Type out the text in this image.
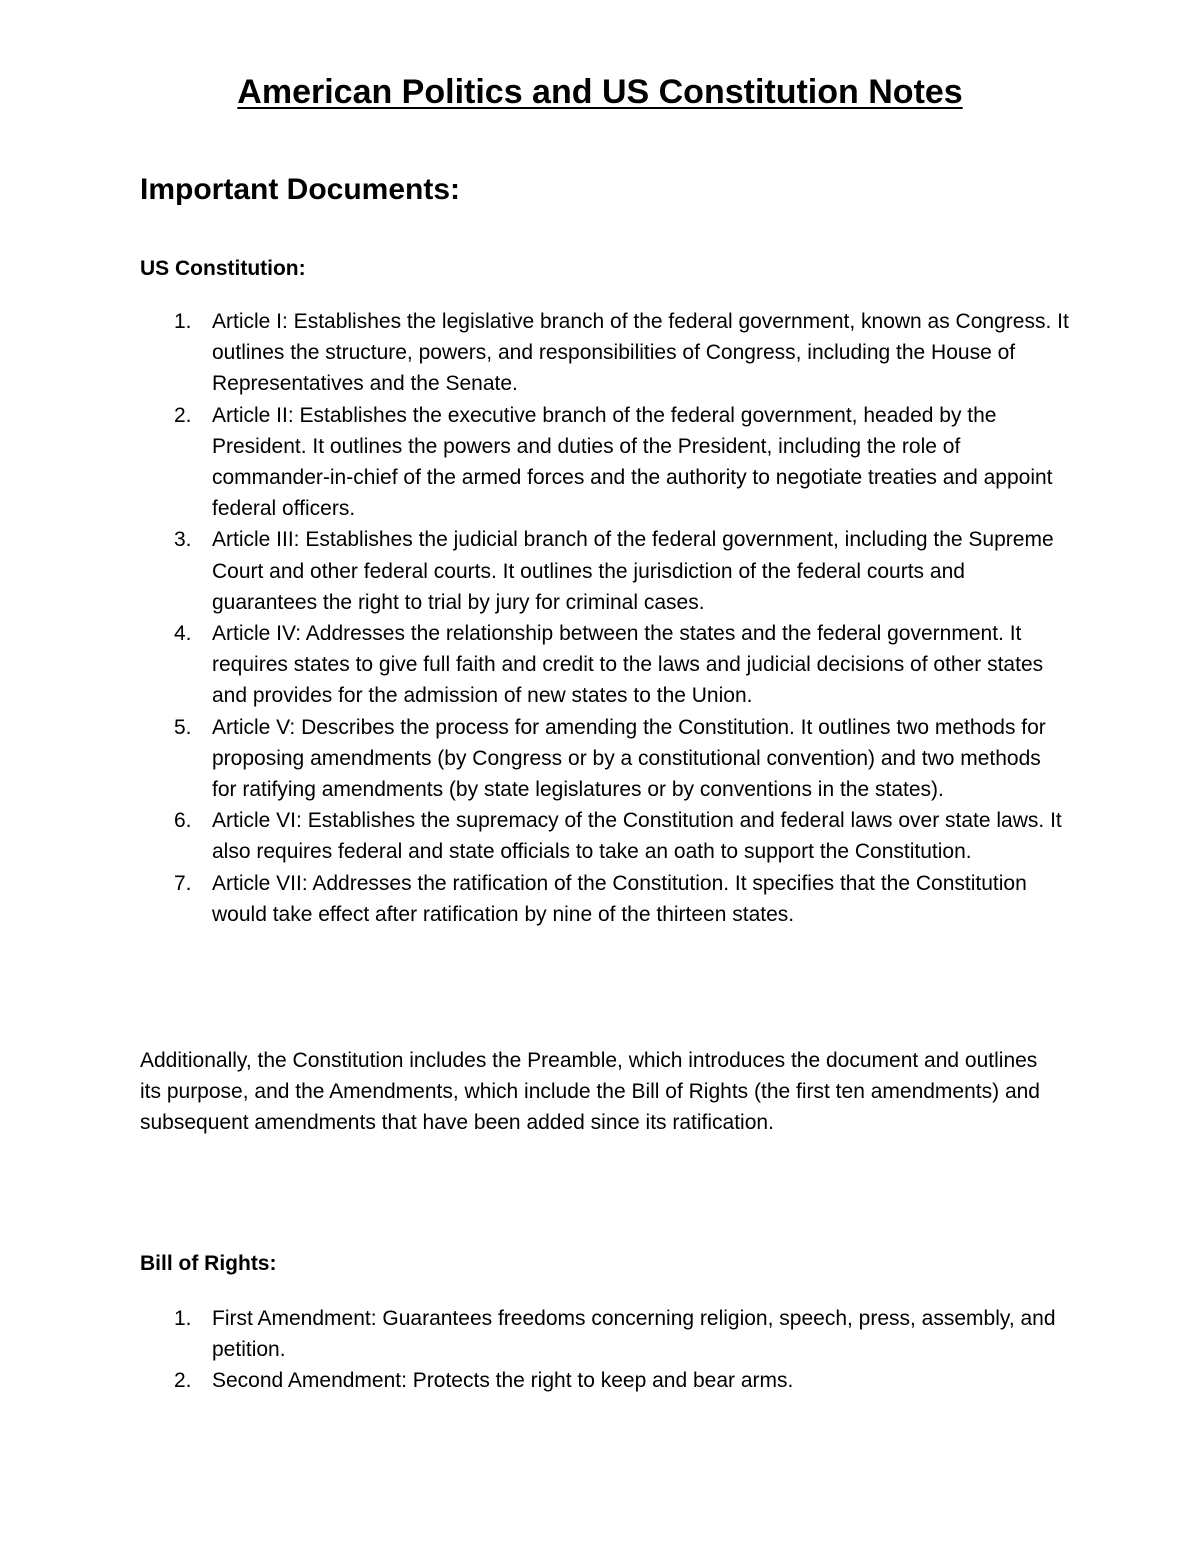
American Politics and US Constitution Notes
Important Documents:
US Constitution:
1. Article I: Establishes the legislative branch of the federal government, known as Congress. It outlines the structure, powers, and responsibilities of Congress, including the House of Representatives and the Senate.
2. Article II: Establishes the executive branch of the federal government, headed by the President. It outlines the powers and duties of the President, including the role of commander-in-chief of the armed forces and the authority to negotiate treaties and appoint federal officers.
3. Article III: Establishes the judicial branch of the federal government, including the Supreme Court and other federal courts. It outlines the jurisdiction of the federal courts and guarantees the right to trial by jury for criminal cases.
4. Article IV: Addresses the relationship between the states and the federal government. It requires states to give full faith and credit to the laws and judicial decisions of other states and provides for the admission of new states to the Union.
5. Article V: Describes the process for amending the Constitution. It outlines two methods for proposing amendments (by Congress or by a constitutional convention) and two methods for ratifying amendments (by state legislatures or by conventions in the states).
6. Article VI: Establishes the supremacy of the Constitution and federal laws over state laws. It also requires federal and state officials to take an oath to support the Constitution.
7. Article VII: Addresses the ratification of the Constitution. It specifies that the Constitution would take effect after ratification by nine of the thirteen states.

Additionally, the Constitution includes the Preamble, which introduces the document and outlines its purpose, and the Amendments, which include the Bill of Rights (the first ten amendments) and subsequent amendments that have been added since its ratification.

Bill of Rights:
1. First Amendment: Guarantees freedoms concerning religion, speech, press, assembly, and petition.
2. Second Amendment: Protects the right to keep and bear arms.
